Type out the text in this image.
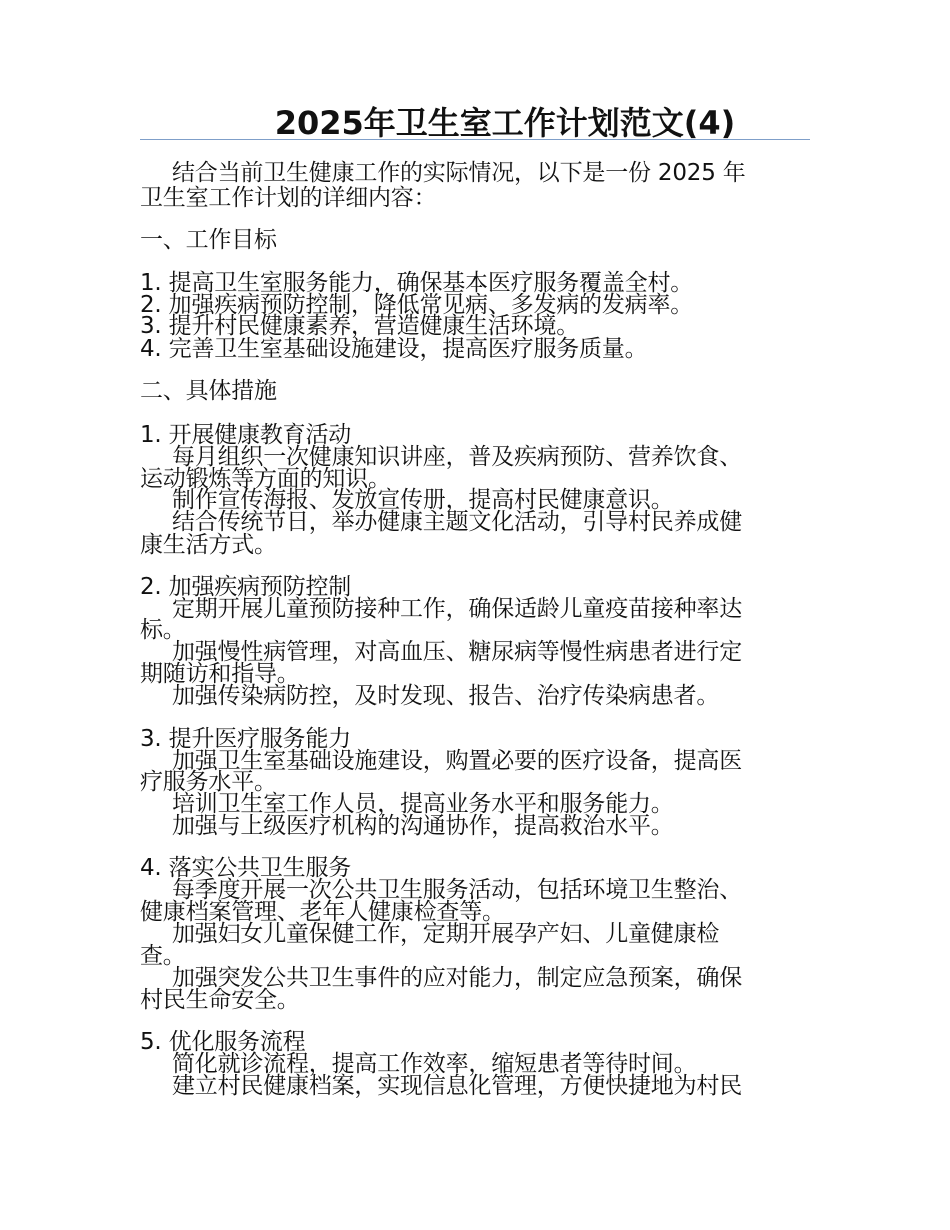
2025年卫生室工作计划范文(4)
结合当前卫生健康工作的实际情况，以下是一份 2025 年
卫生室工作计划的详细内容：
一、工作目标
1. 提高卫生室服务能力，确保基本医疗服务覆盖全村。
2. 加强疾病预防控制，降低常见病、多发病的发病率。
3. 提升村民健康素养，营造健康生活环境。
4. 完善卫生室基础设施建设，提高医疗服务质量。
二、具体措施
1. 开展健康教育活动
每月组织一次健康知识讲座，普及疾病预防、营养饮食、
运动锻炼等方面的知识。
制作宣传海报、发放宣传册，提高村民健康意识。
结合传统节日，举办健康主题文化活动，引导村民养成健
康生活方式。
2. 加强疾病预防控制
定期开展儿童预防接种工作，确保适龄儿童疫苗接种率达
标。
加强慢性病管理，对高血压、糖尿病等慢性病患者进行定
期随访和指导。
加强传染病防控，及时发现、报告、治疗传染病患者。
3. 提升医疗服务能力
加强卫生室基础设施建设，购置必要的医疗设备，提高医
疗服务水平。
培训卫生室工作人员，提高业务水平和服务能力。
加强与上级医疗机构的沟通协作，提高救治水平。
4. 落实公共卫生服务
每季度开展一次公共卫生服务活动，包括环境卫生整治、
健康档案管理、老年人健康检查等。
加强妇女儿童保健工作，定期开展孕产妇、儿童健康检
查。
加强突发公共卫生事件的应对能力，制定应急预案，确保
村民生命安全。
5. 优化服务流程
简化就诊流程，提高工作效率，缩短患者等待时间。
建立村民健康档案，实现信息化管理，方便快捷地为村民
